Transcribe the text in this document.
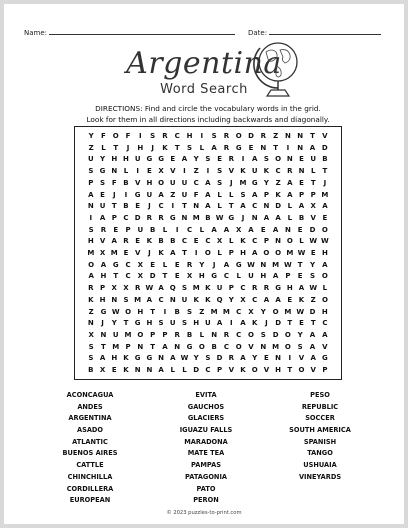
Name:	Date:
Argentina
Word Search
DIRECTIONS: Find and circle the vocabulary words in the grid.
Look for them in all directions including backwards and diagonally.
Y	F O F	I	S	R	C H	I	S	R O D R	Z N N T	V
Z	L	T	J	H	J	K	T	S	L	A R G	E N T	I	N A D
U Y H H U G G E A Y S E R	I	A S O N E U B
S G N L	I	E X V	I	Z	I	S V K U K C R N L	T
P S F B V H O U U C A S	J M G Y Z A E T	J
A E	J	I	G U A Z U F A L	L S A P K A P P M
N U T B E	J	C	I	T N A L	T A C N D L A X A
I	A P C D R R G N M B W G	J	N A A L B V E
S	R	E	P U B	L	I	C	L	A A X A	E	A N E D O
H V A R E K B B C E C X L K C P N O L W W
M X M E V	J	K A T	I	O L P H A O O M W E H
O A G C	X	E	L	E	R	Y	J	A G W N M W T	Y	A
A H T	C	X D	T	E	X H G C	L	U H A	P	E	S O
R P X X R W A Q S M K U P C R R G H A W L
K H N S M A C N U K K Q Y X C A A E K Z O
Z G W O H T	I	B	S	Z M M C	X	Y O M W D H
N	J	Y T G H S U S H U A	I	A K	J	D T E T C
X N U M O P	P	R B	L	N R	C O S D O Y	A A
S	T M P N T	A N G O B	C O V N M O S	A V
S A H K G G N A W Y S D R A Y E N	I	V A G
B X E K N N A L	L D C P V K O V H T O V P
ACONCAGUA
ANDES
ARGENTINA
ASADO
ATLANTIC
BUENOS AIRES
CATTLE
CHINCHILLA
CORDILLERA
EUROPEAN
EVITA
GAUCHOS
GLACIERS
IGUAZU FALLS
MARADONA
MATE TEA
PAMPAS
PATAGONIA
PATO
PERON
PESO
REPUBLIC
SOCCER
SOUTH AMERICA
SPANISH
TANGO
USHUAIA
VINEYARDS
© 2023 puzzles-to-print.com
